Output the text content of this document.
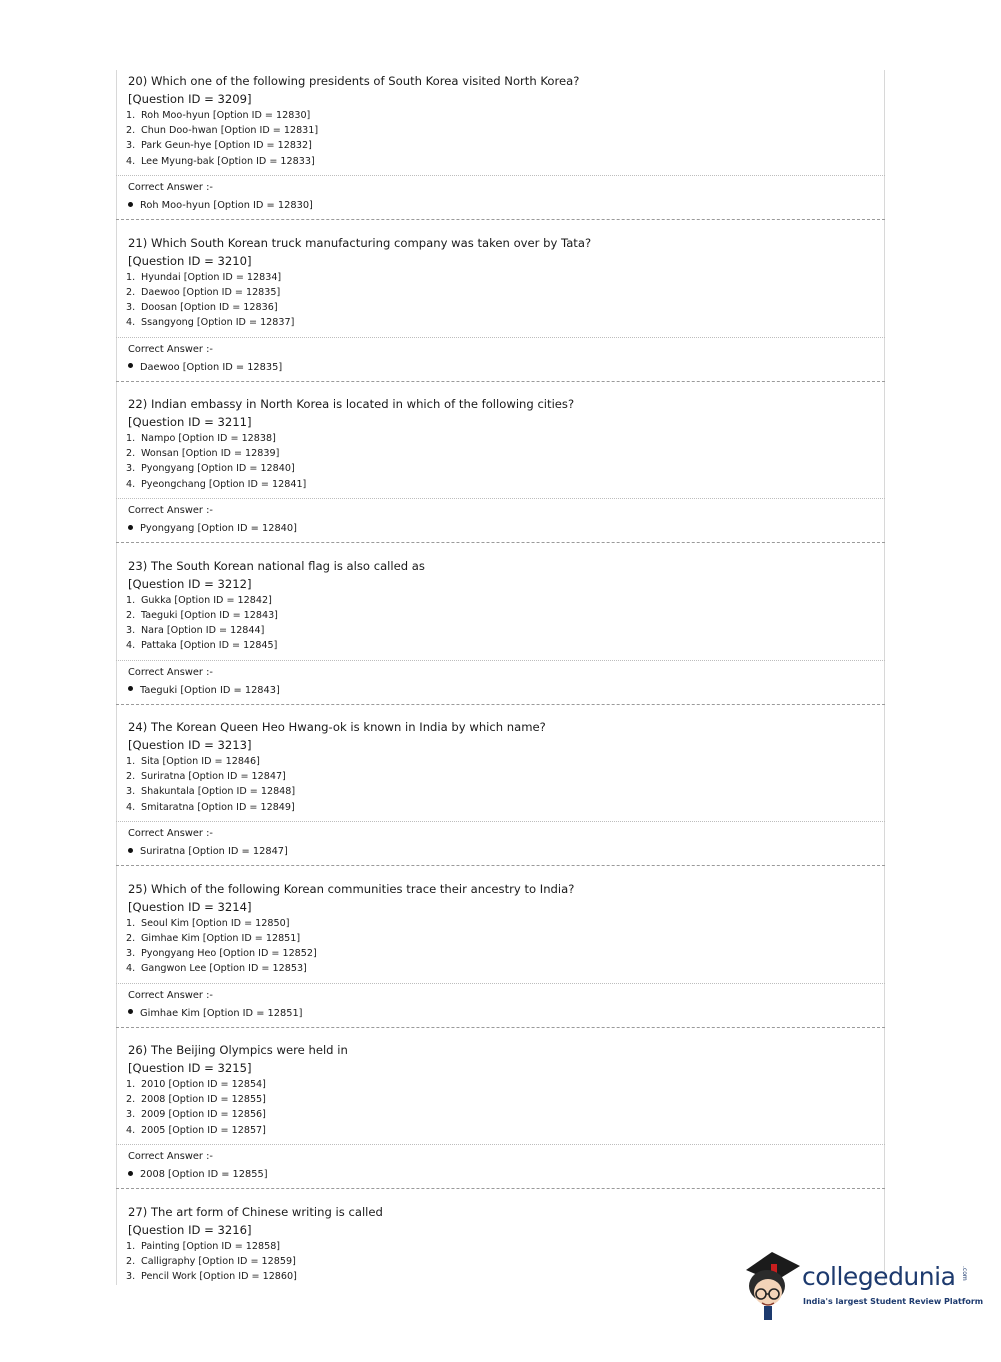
20) Which one of the following presidents of South Korea visited North Korea?
[Question ID = 3209]
1. Roh Moo-hyun [Option ID = 12830]
2. Chun Doo-hwan [Option ID = 12831]
3. Park Geun-hye [Option ID = 12832]
4. Lee Myung-bak [Option ID = 12833]
Correct Answer :-
Roh Moo-hyun [Option ID = 12830]
21) Which South Korean truck manufacturing company was taken over by Tata?
[Question ID = 3210]
1. Hyundai [Option ID = 12834]
2. Daewoo [Option ID = 12835]
3. Doosan [Option ID = 12836]
4. Ssangyong [Option ID = 12837]
Correct Answer :-
Daewoo [Option ID = 12835]
22) Indian embassy in North Korea is located in which of the following cities?
[Question ID = 3211]
1. Nampo [Option ID = 12838]
2. Wonsan [Option ID = 12839]
3. Pyongyang [Option ID = 12840]
4. Pyeongchang [Option ID = 12841]
Correct Answer :-
Pyongyang [Option ID = 12840]
23) The South Korean national flag is also called as
[Question ID = 3212]
1. Gukka [Option ID = 12842]
2. Taeguki [Option ID = 12843]
3. Nara [Option ID = 12844]
4. Pattaka [Option ID = 12845]
Correct Answer :-
Taeguki [Option ID = 12843]
24) The Korean Queen Heo Hwang-ok is known in India by which name?
[Question ID = 3213]
1. Sita [Option ID = 12846]
2. Suriratna [Option ID = 12847]
3. Shakuntala [Option ID = 12848]
4. Smitaratna [Option ID = 12849]
Correct Answer :-
Suriratna [Option ID = 12847]
25) Which of the following Korean communities trace their ancestry to India?
[Question ID = 3214]
1. Seoul Kim [Option ID = 12850]
2. Gimhae Kim [Option ID = 12851]
3. Pyongyang Heo [Option ID = 12852]
4. Gangwon Lee [Option ID = 12853]
Correct Answer :-
Gimhae Kim [Option ID = 12851]
26) The Beijing Olympics were held in
[Question ID = 3215]
1. 2010 [Option ID = 12854]
2. 2008 [Option ID = 12855]
3. 2009 [Option ID = 12856]
4. 2005 [Option ID = 12857]
Correct Answer :-
2008 [Option ID = 12855]
27) The art form of Chinese writing is called
[Question ID = 3216]
1. Painting [Option ID = 12858]
2. Calligraphy [Option ID = 12859]
3. Pencil Work [Option ID = 12860]	collegedunia .com
India's largest Student Review Platform
